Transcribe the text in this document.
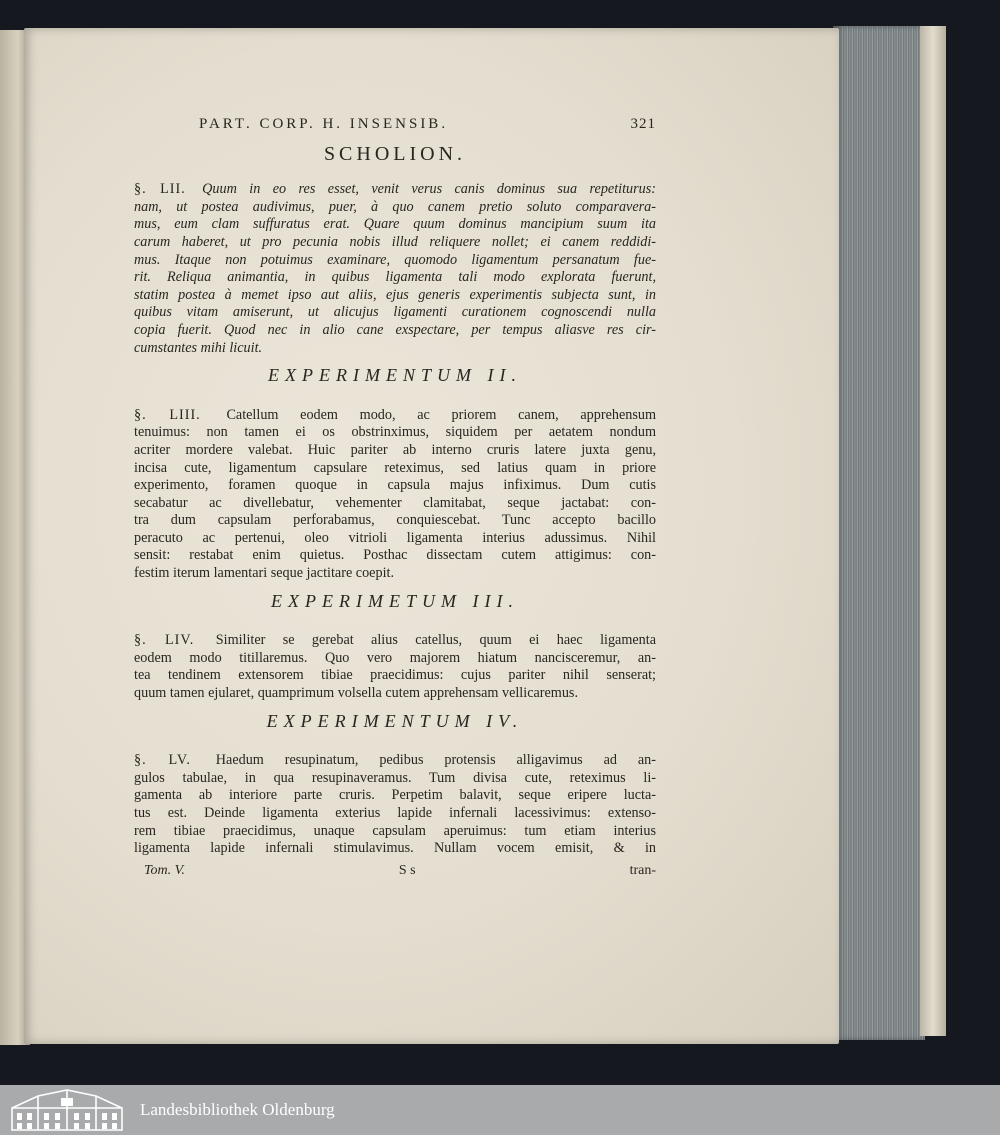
PART. CORP. H. INSENSIB.	321
SCHOLION.
§. LII. Quum in eo res esset, venit verus canis dominus sua repetiturus:
nam, ut postea audivimus, puer, à quo canem pretio soluto comparavera-
mus, eum clam suffuratus erat. Quare quum dominus mancipium suum ita
carum haberet, ut pro pecunia nobis illud reliquere nollet; ei canem reddidi-
mus. Itaque non potuimus examinare, quomodo ligamentum persanatum fue-
rit. Reliqua animantia, in quibus ligamenta tali modo explorata fuerunt,
statim postea à memet ipso aut aliis, ejus generis experimentis subjecta sunt, in
quibus vitam amiserunt, ut alicujus ligamenti curationem cognoscendi nulla
copia fuerit. Quod nec in alio cane exspectare, per tempus aliasve res cir-
cumstantes mihi licuit.
EXPERIMENTUM II.
§. LIII. Catellum eodem modo, ac priorem canem, apprehensum
tenuimus: non tamen ei os obstrinximus, siquidem per aetatem nondum
acriter mordere valebat. Huic pariter ab interno cruris latere juxta genu,
incisa cute, ligamentum capsulare reteximus, sed latius quam in priore
experimento, foramen quoque in capsula majus infiximus. Dum cutis
secabatur ac divellebatur, vehementer clamitabat, seque jactabat: con-
tra dum capsulam perforabamus, conquiescebat. Tunc accepto bacillo
peracuto ac pertenui, oleo vitrioli ligamenta interius adussimus. Nihil
sensit: restabat enim quietus. Posthac dissectam cutem attigimus: con-
festim iterum lamentari seque jactitare coepit.
EXPERIMETUM III.
§. LIV. Similiter se gerebat alius catellus, quum ei haec ligamenta
eodem modo titillaremus. Quo vero majorem hiatum nancisceremur, an-
tea tendinem extensorem tibiae praecidimus: cujus pariter nihil senserat;
quum tamen ejularet, quamprimum volsella cutem apprehensam vellicaremus.
EXPERIMENTUM IV.
§. LV. Haedum resupinatum, pedibus protensis alligavimus ad an-
gulos tabulae, in qua resupinaveramus. Tum divisa cute, reteximus li-
gamenta ab interiore parte cruris. Perpetim balavit, seque eripere lucta-
tus est. Deinde ligamenta exterius lapide infernali lacessivimus: extenso-
rem tibiae praecidimus, unaque capsulam aperuimus: tum etiam interius
ligamenta lapide infernali stimulavimus. Nullam vocem emisit, & in
Tom. V.	S s	tran-
Landesbibliothek Oldenburg
